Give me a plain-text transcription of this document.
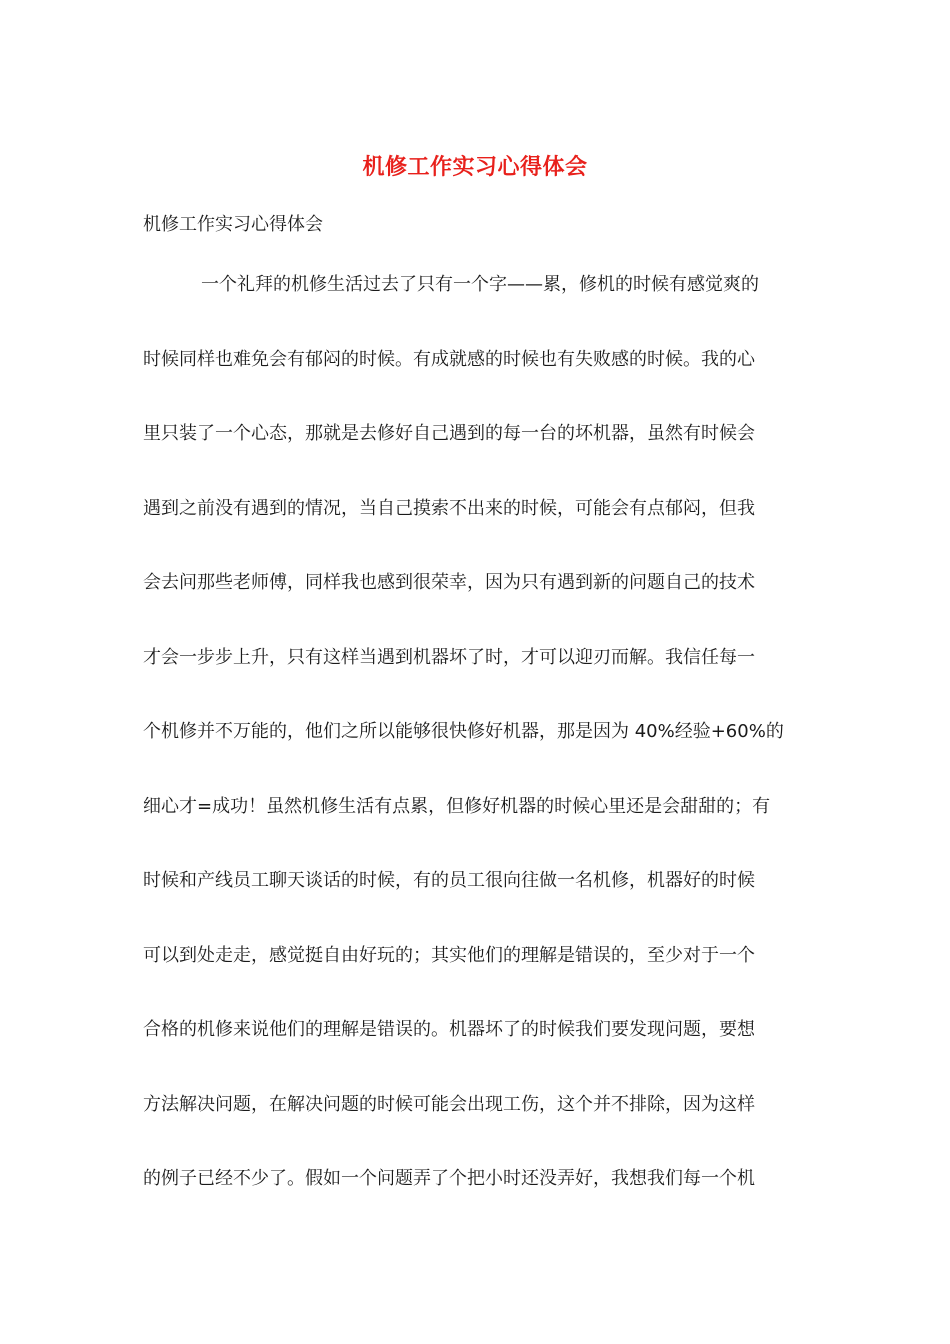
机修工作实习心得体会
机修工作实习心得体会
一个礼拜的机修生活过去了只有一个字——累，修机的时候有感觉爽的
时候同样也难免会有郁闷的时候。有成就感的时候也有失败感的时候。我的心
里只装了一个心态，那就是去修好自己遇到的每一台的坏机器，虽然有时候会
遇到之前没有遇到的情况，当自己摸索不出来的时候，可能会有点郁闷，但我
会去问那些老师傅，同样我也感到很荣幸，因为只有遇到新的问题自己的技术
才会一步步上升，只有这样当遇到机器坏了时，才可以迎刃而解。我信任每一
个机修并不万能的，他们之所以能够很快修好机器，那是因为 40%经验+60%的
细心才=成功！虽然机修生活有点累，但修好机器的时候心里还是会甜甜的；有
时候和产线员工聊天谈话的时候，有的员工很向往做一名机修，机器好的时候
可以到处走走，感觉挺自由好玩的；其实他们的理解是错误的，至少对于一个
合格的机修来说他们的理解是错误的。机器坏了的时候我们要发现问题，要想
方法解决问题，在解决问题的时候可能会出现工伤，这个并不排除，因为这样
的例子已经不少了。假如一个问题弄了个把小时还没弄好，我想我们每一个机
